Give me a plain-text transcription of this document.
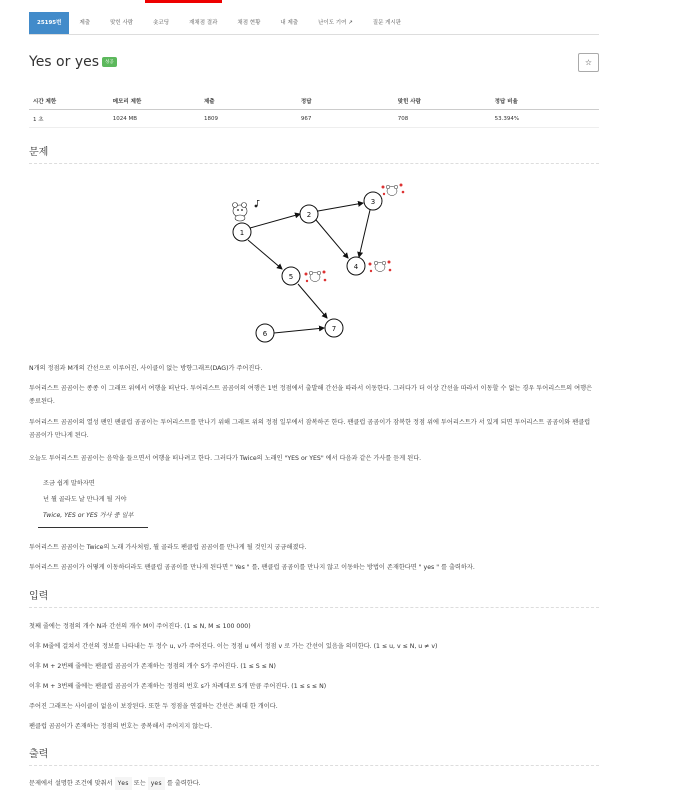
25195번	제출	맞힌 사람	숏코딩	재채점 결과	채점 현황	내 제출	난이도 기여 ↗	질문 게시판
Yes or yes 성공	☆
시간 제한	메모리 제한	제출	정답	맞힌 사람	정답 비율
1 초	1024 MB	1809	967	708	53.394%
문제
1
2
3
4
5
6
7
N개의 정점과 M개의 간선으로 이루어진, 사이클이 없는 방향그래프(DAG)가 주어진다.
투어리스트 곰곰이는 종종 이 그래프 위에서 여행을 떠난다. 투어리스트 곰곰이의 여행은 1번 정점에서 출발해 간선을 따라서 이동한다. 그러다가 더 이상 간선을 따라서 이동할 수 없는 경우 투어리스트의 여행은 종료된다.
투어리스트 곰곰이의 열성 팬인 팬클럽 곰곰이는 투어리스트를 만나기 위해 그래프 위의 정점 일부에서 잠복하곤 한다. 팬클럽 곰곰이가 잠복한 정점 위에 투어리스트가 서 있게 되면 투어리스트 곰곰이와 팬클럽 곰곰이가 만나게 된다.
오늘도 투어리스트 곰곰이는 음악을 들으면서 여행을 떠나려고 한다. 그러다가 Twice의 노래인 "YES or YES" 에서 다음과 같은 가사를 듣게 된다.
조금 쉽게 말하자면
넌 뭘 골라도 날 만나게 될 거야
Twice, YES or YES 가사 중 일부
투어리스트 곰곰이는 Twice의 노래 가사처럼, 뭘 골라도 팬클럽 곰곰이를 만나게 될 것인지 궁금해졌다.
투어리스트 곰곰이가 어떻게 이동하더라도 팬클럽 곰곰이를 만나게 된다면 " Yes " 를, 팬클럽 곰곰이를 만나지 않고 이동하는 방법이 존재한다면 " yes " 를 출력하자.
입력
첫째 줄에는 정점의 개수 N과 간선의 개수 M이 주어진다. (1 ≤ N, M ≤ 100 000)
이후 M줄에 걸쳐서 간선의 정보를 나타내는 두 정수 u, v가 주어진다. 이는 정점 u 에서 정점 v 로 가는 간선이 있음을 의미한다. (1 ≤ u, v ≤ N, u ≠ v)
이후 M + 2번째 줄에는 팬클럽 곰곰이가 존재하는 정점의 개수 S가 주어진다. (1 ≤ S ≤ N)
이후 M + 3번째 줄에는 팬클럽 곰곰이가 존재하는 정점의 번호 s가 차례대로 S개 만큼 주어진다. (1 ≤ s ≤ N)
주어진 그래프는 사이클이 없음이 보장된다. 또한 두 정점을 연결하는 간선은 최대 한 개이다.
팬클럽 곰곰이가 존재하는 정점의 번호는 중복해서 주어지지 않는다.
출력
문제에서 설명한 조건에 맞춰서 Yes 또는 yes 를 출력한다.
